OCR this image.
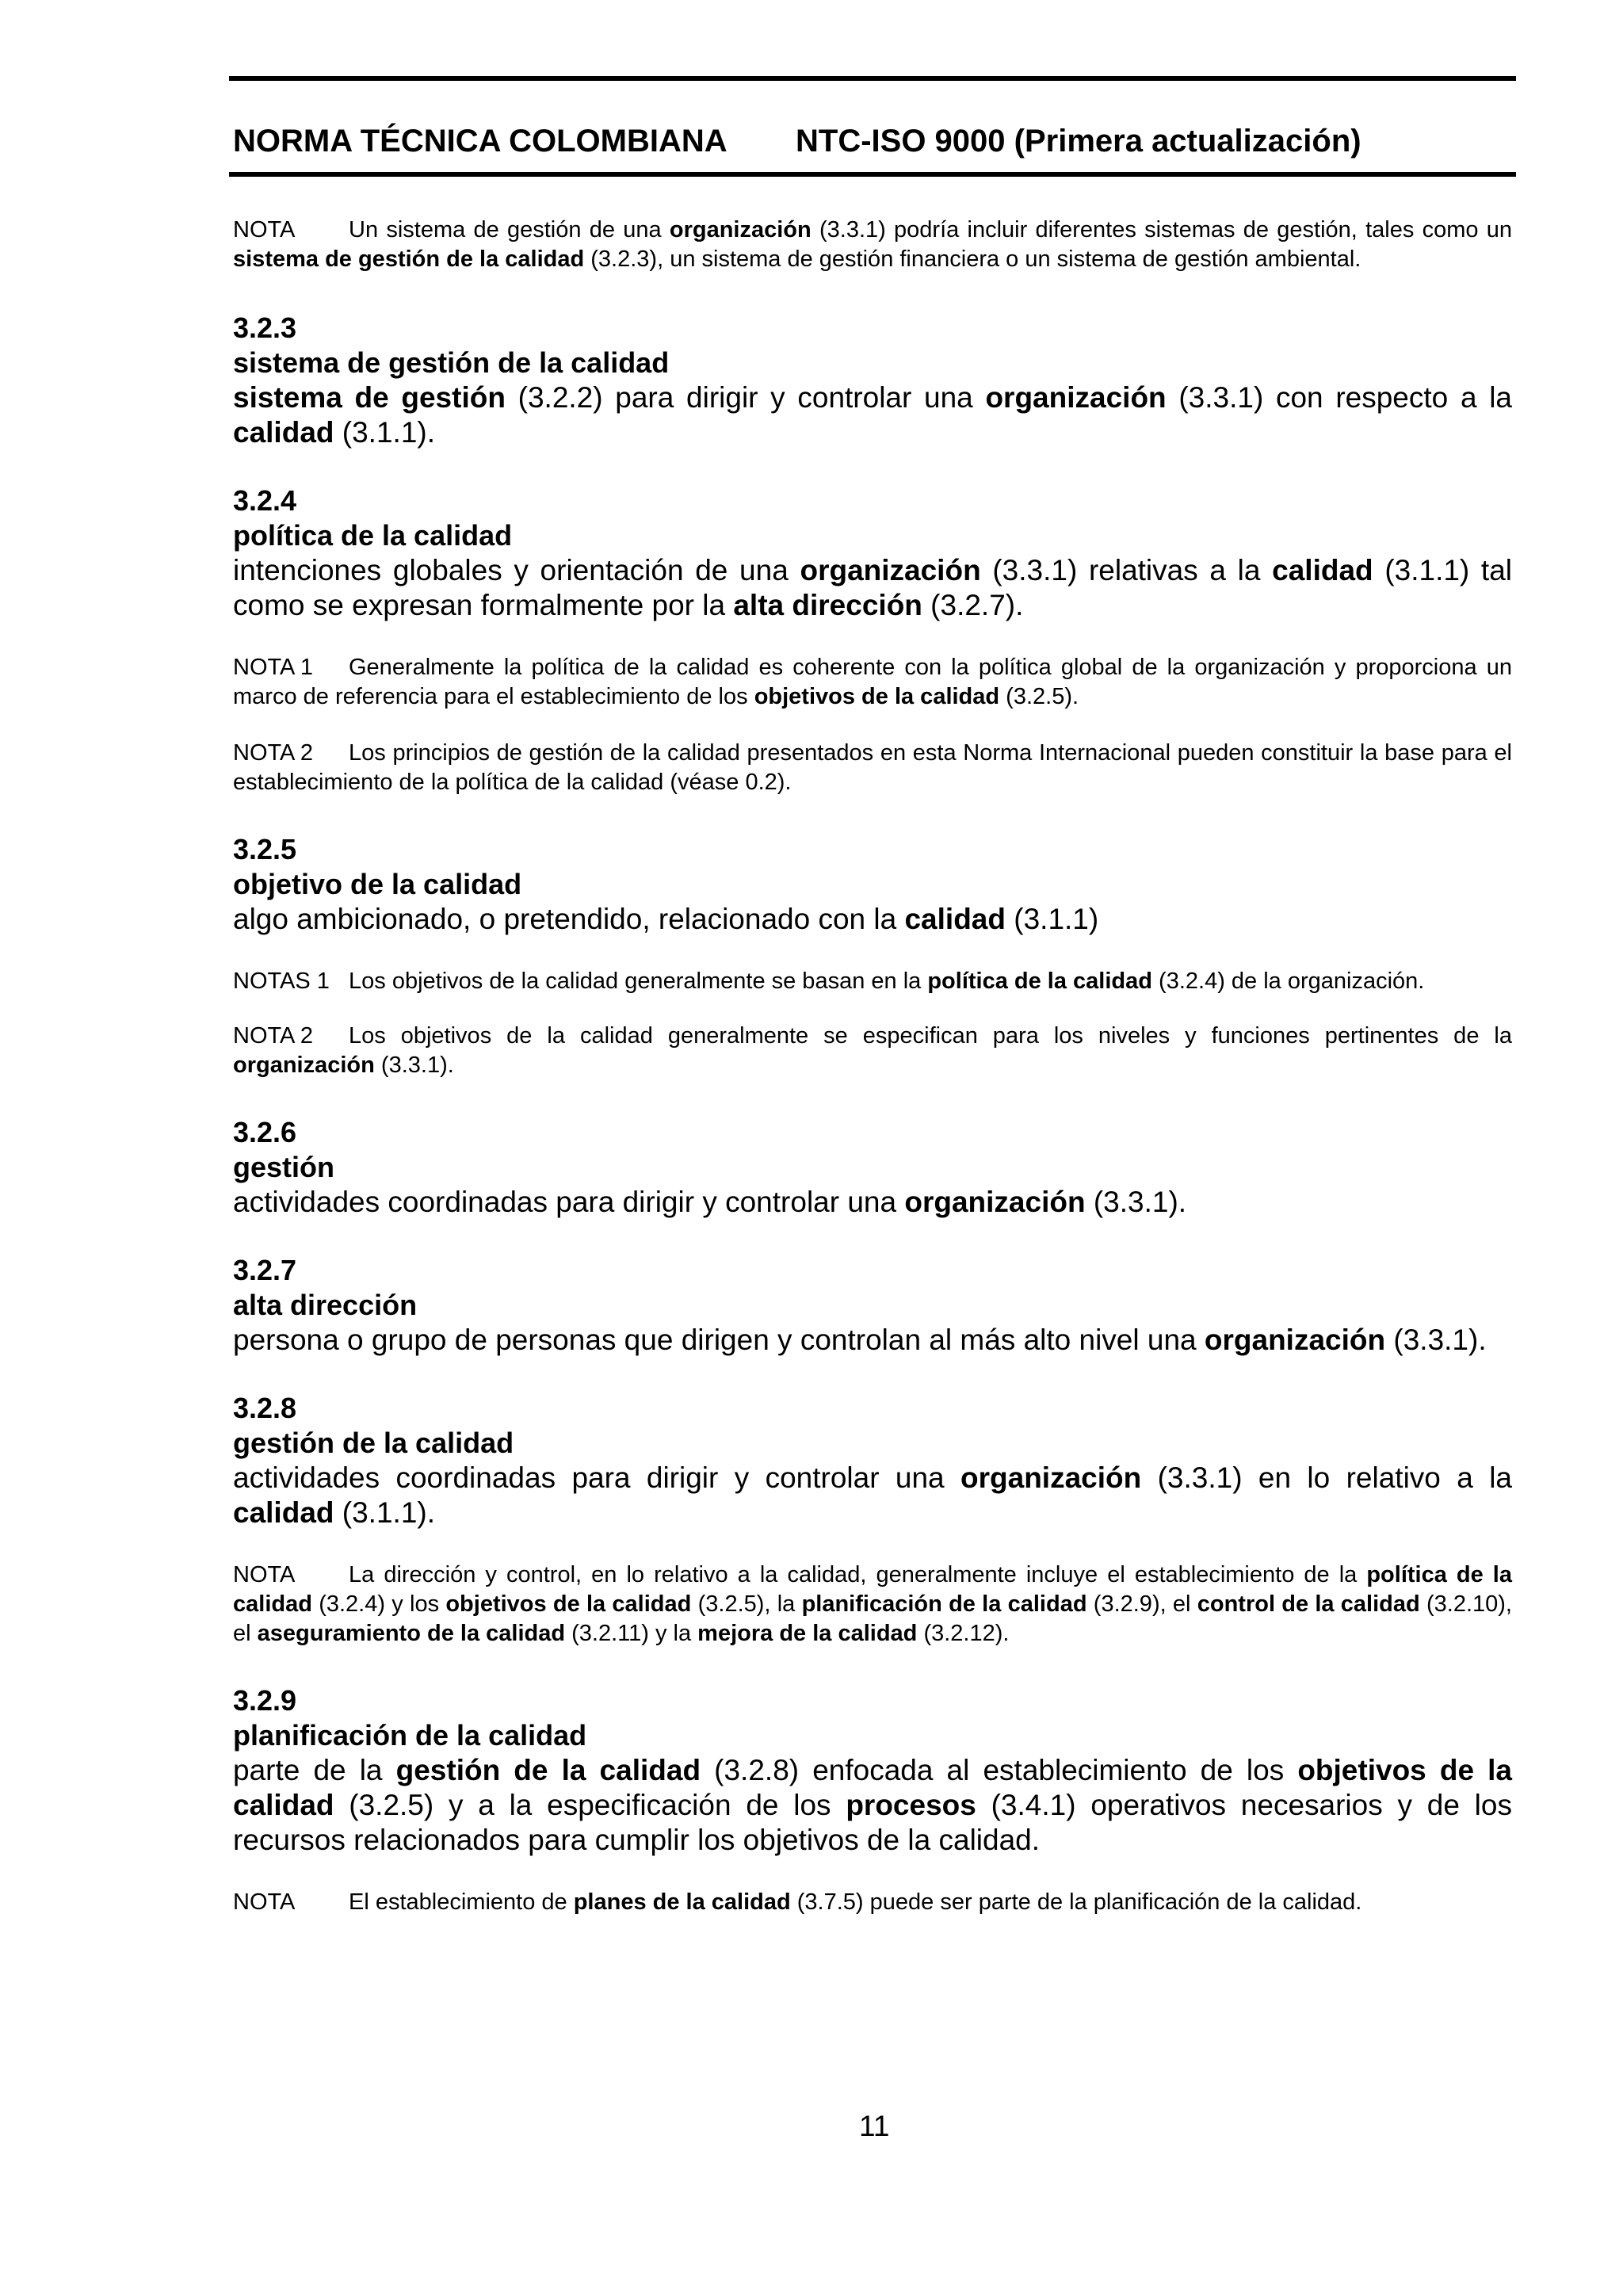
NORMA TÉCNICA COLOMBIANA NTC-ISO 9000 (Primera actualización)

NOTA Un sistema de gestión de una organización (3.3.1) podría incluir diferentes sistemas de gestión, tales como un sistema de gestión de la calidad (3.2.3), un sistema de gestión financiera o un sistema de gestión ambiental.

3.2.3

sistema de gestión de la calidad

sistema de gestión (3.2.2) para dirigir y controlar una organización (3.3.1) con respecto a la calidad (3.1.1).

3.2.4

política de la calidad

intenciones globales y orientación de una organización (3.3.1) relativas a la calidad (3.1.1) tal como se expresan formalmente por la alta dirección (3.2.7).

NOTA 1 Generalmente la política de la calidad es coherente con la política global de la organización y proporciona un marco de referencia para el establecimiento de los objetivos de la calidad (3.2.5).

NOTA 2 Los principios de gestión de la calidad presentados en esta Norma Internacional pueden constituir la base para el establecimiento de la política de la calidad (véase 0.2).

3.2.5

objetivo de la calidad

algo ambicionado, o pretendido, relacionado con la calidad (3.1.1)

NOTAS 1 Los objetivos de la calidad generalmente se basan en la política de la calidad (3.2.4) de la organización.

NOTA 2 Los objetivos de la calidad generalmente se especifican para los niveles y funciones pertinentes de la organización (3.3.1).

3.2.6

gestión

actividades coordinadas para dirigir y controlar una organización (3.3.1).

3.2.7

alta dirección

persona o grupo de personas que dirigen y controlan al más alto nivel una organización (3.3.1).

3.2.8

gestión de la calidad

actividades coordinadas para dirigir y controlar una organización (3.3.1) en lo relativo a la calidad (3.1.1).

NOTA La dirección y control, en lo relativo a la calidad, generalmente incluye el establecimiento de la política de la calidad (3.2.4) y los objetivos de la calidad (3.2.5), la planificación de la calidad (3.2.9), el control de la calidad (3.2.10), el aseguramiento de la calidad (3.2.11) y la mejora de la calidad (3.2.12).

3.2.9

planificación de la calidad

parte de la gestión de la calidad (3.2.8) enfocada al establecimiento de los objetivos de la calidad (3.2.5) y a la especificación de los procesos (3.4.1) operativos necesarios y de los recursos relacionados para cumplir los objetivos de la calidad.

NOTA El establecimiento de planes de la calidad (3.7.5) puede ser parte de la planificación de la calidad.

11
